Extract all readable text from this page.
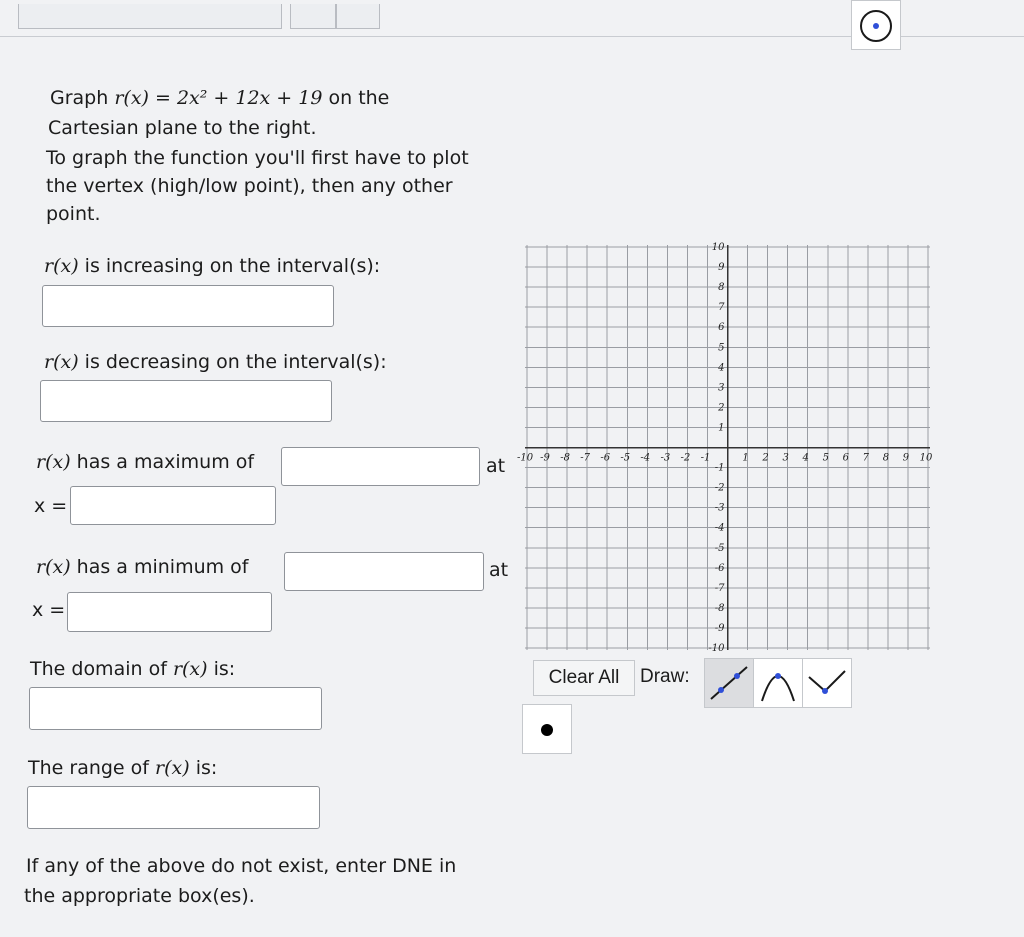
Graph r(x) = 2x² + 12x + 19 on the
Cartesian plane to the right.
To graph the function you'll first have to plot
the vertex (high/low point), then any other
point.
r(x) is increasing on the interval(s):
r(x) is decreasing on the interval(s):
r(x) has a maximum of	at
x =
r(x) has a minimum of	at
x =
The domain of r(x) is:
The range of r(x) is:
If any of the above do not exist, enter DNE in
the appropriate box(es).
-10 -9 -8 -7 -6 -5 -4 -3 -2 -1	1 2 3 4 5 6 7 8 9 10
10
9
8
7
6
5
4
3
2
1
-1
-2
-3
-4
-5
-6
-7
-8
-9
-10
Clear All	Draw:
